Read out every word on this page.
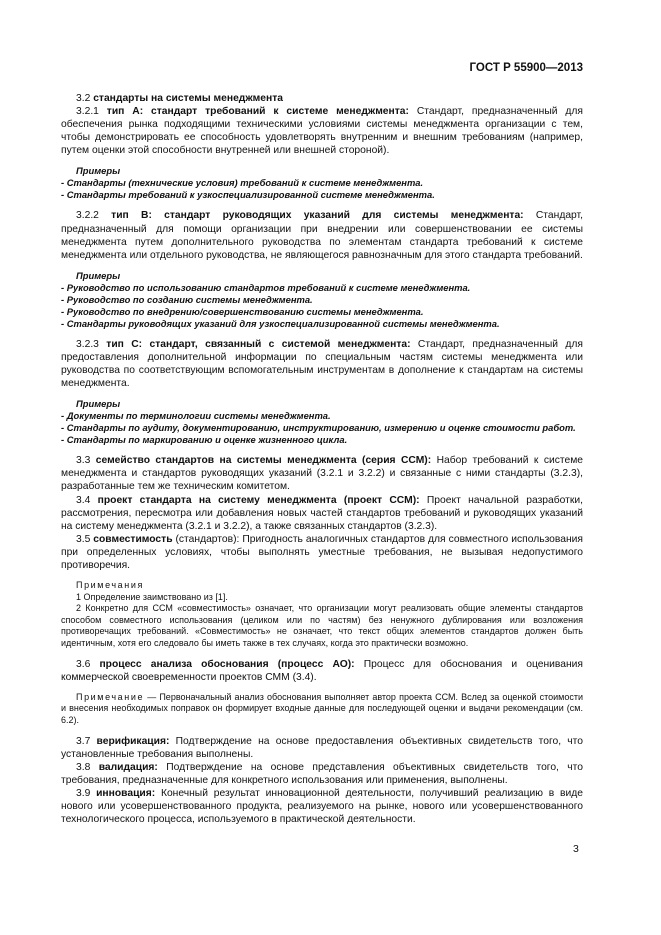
ГОСТ Р 55900—2013

3.2 стандарты на системы менеджмента

3.2.1 тип А: стандарт требований к системе менеджмента: Стандарт, предназначенный для обеспечения рынка подходящими техническими условиями системы менеджмента организации с тем, чтобы демонстрировать ее способность удовлетворять внутренним и внешним требованиям (например, путем оценки этой способности внутренней или внешней стороной).

Примеры

- Стандарты (технические условия) требований к системе менеджмента.

- Стандарты требований к узкоспециализированной системе менеджмента.

3.2.2 тип В: стандарт руководящих указаний для системы менеджмента: Стандарт, предназначенный для помощи организации при внедрении или совершенствовании ее системы менеджмента путем дополнительного руководства по элементам стандарта требований к системе менеджмента или отдельного руководства, не являющегося равнозначным для этого стандарта требований.

Примеры

- Руководство по использованию стандартов требований к системе менеджмента.

- Руководство по созданию системы менеджмента.

- Руководство по внедрению/совершенствованию системы менеджмента.

- Стандарты руководящих указаний для узкоспециализированной системы менеджмента.

3.2.3 тип С: стандарт, связанный с системой менеджмента: Стандарт, предназначенный для предоставления дополнительной информации по специальным частям системы менеджмента или руководства по соответствующим вспомогательным инструментам в дополнение к стандартам на системы менеджмента.

Примеры

- Документы по терминологии системы менеджмента.

- Стандарты по аудиту, документированию, инструктированию, измерению и оценке стоимости работ.

- Стандарты по маркированию и оценке жизненного цикла.

3.3 семейство стандартов на системы менеджмента (серия ССМ): Набор требований к системе менеджмента и стандартов руководящих указаний (3.2.1 и 3.2.2) и связанные с ними стандарты (3.2.3), разработанные тем же техническим комитетом.

3.4 проект стандарта на систему менеджмента (проект ССМ): Проект начальной разработки, рассмотрения, пересмотра или добавления новых частей стандартов требований и руководящих указаний на систему менеджмента (3.2.1 и 3.2.2), а также связанных стандартов (3.2.3).

3.5 совместимость (стандартов): Пригодность аналогичных стандартов для совместного использования при определенных условиях, чтобы выполнять уместные требования, не вызывая недопустимого противоречия.

Примечания

1 Определение заимствовано из [1].

2 Конкретно для ССМ «совместимость» означает, что организации могут реализовать общие элементы стандартов способом совместного использования (целиком или по частям) без ненужного дублирования или возложения противоречащих требований. «Совместимость» не означает, что текст общих элементов стандартов должен быть идентичным, хотя его следовало бы иметь также в тех случаях, когда это практически возможно.

3.6 процесс анализа обоснования (процесс АО): Процесс для обоснования и оценивания коммерческой своевременности проектов СММ (3.4).

Примечание — Первоначальный анализ обоснования выполняет автор проекта ССМ. Вслед за оценкой стоимости и внесения необходимых поправок он формирует входные данные для последующей оценки и выдачи рекомендации (см. 6.2).

3.7 верификация: Подтверждение на основе предоставления объективных свидетельств того, что установленные требования выполнены.

3.8 валидация: Подтверждение на основе представления объективных свидетельств того, что требования, предназначенные для конкретного использования или применения, выполнены.

3.9 инновация: Конечный результат инновационной деятельности, получивший реализацию в виде нового или усовершенствованного продукта, реализуемого на рынке, нового или усовершенствованного технологического процесса, используемого в практической деятельности.

3
